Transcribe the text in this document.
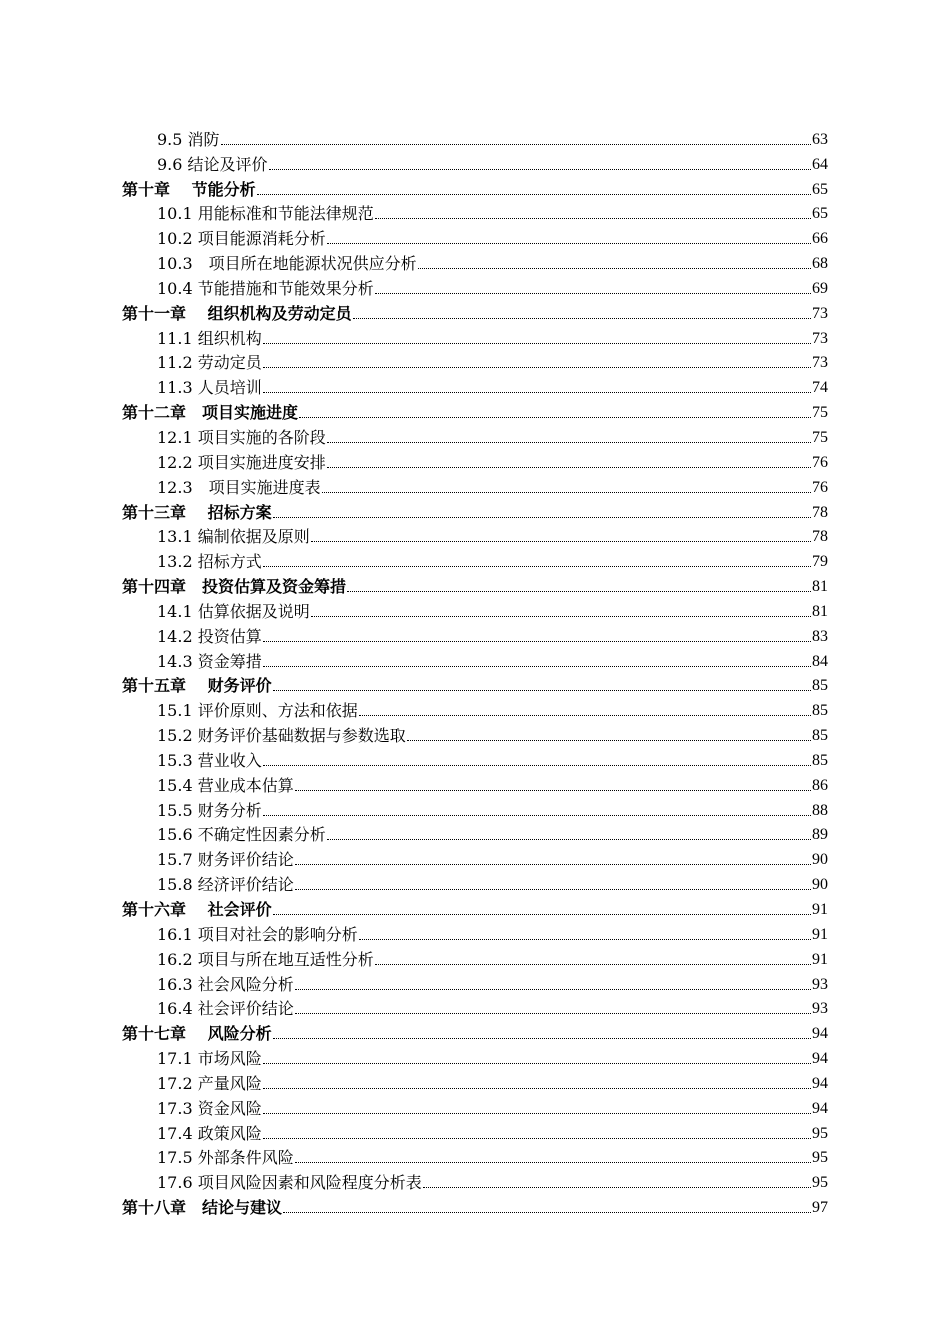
9.5 消防	63
9.6 结论及评价	64
第十章　 节能分析	65
10.1 用能标准和节能法律规范	65
10.2 项目能源消耗分析	66
10.3　项目所在地能源状况供应分析	68
10.4 节能措施和节能效果分析	69
第十一章　 组织机构及劳动定员	73
11.1 组织机构	73
11.2 劳动定员	73
11.3 人员培训	74
第十二章　项目实施进度	75
12.1 项目实施的各阶段	75
12.2 项目实施进度安排	76
12.3　项目实施进度表	76
第十三章　 招标方案	78
13.1 编制依据及原则	78
13.2 招标方式	79
第十四章　投资估算及资金筹措	81
14.1 估算依据及说明	81
14.2 投资估算	83
14.3 资金筹措	84
第十五章　 财务评价	85
15.1 评价原则、方法和依据	85
15.2 财务评价基础数据与参数选取	85
15.3 营业收入	85
15.4 营业成本估算	86
15.5 财务分析	88
15.6 不确定性因素分析	89
15.7 财务评价结论	90
15.8 经济评价结论	90
第十六章　 社会评价	91
16.1 项目对社会的影响分析	91
16.2 项目与所在地互适性分析	91
16.3 社会风险分析	93
16.4 社会评价结论	93
第十七章　 风险分析	94
17.1 市场风险	94
17.2 产量风险	94
17.3 资金风险	94
17.4 政策风险	95
17.5 外部条件风险	95
17.6 项目风险因素和风险程度分析表	95
第十八章　结论与建议	97
